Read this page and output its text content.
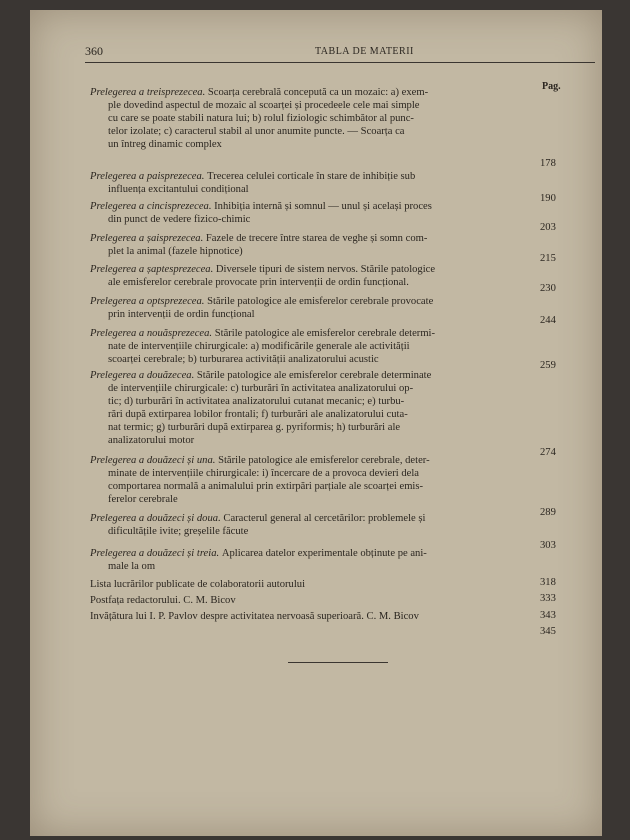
360	TABLA DE MATERII
Pag.
Prelegerea a treisprezecea. Scoarța cerebrală concepută ca un mozaic: a) exem-
ple dovedind aspectul de mozaic al scoarței și procedeele cele mai simple
cu care se poate stabili natura lui; b) rolul fiziologic schimbător al punc-
telor izolate; c) caracterul stabil al unor anumite puncte. — Scoarța ca
un întreg dinamic complex
178
Prelegerea a paisprezecea. Trecerea celulei corticale în stare de inhibiție sub
influența excitantului condițional
190
Prelegerea a cincisprezecea. Inhibiția internă și somnul — unul și același proces
din punct de vedere fizico-chimic
203
Prelegerea a șaisprezecea. Fazele de trecere între starea de veghe și somn com-
plet la animal (fazele hipnotice)
215
Prelegerea a șaptesprezecea. Diversele tipuri de sistem nervos. Stările patologice
ale emisferelor cerebrale provocate prin intervenții de ordin funcțional.
230
Prelegerea a optsprezecea. Stările patologice ale emisferelor cerebrale provocate
prin intervenții de ordin funcțional
244
Prelegerea a nouăsprezecea. Stările patologice ale emisferelor cerebrale determi-
nate de intervențiile chirurgicale: a) modificările generale ale activității
scoarței cerebrale; b) turburarea activității analizatorului acustic
259
Prelegerea a douăzecea. Stările patologice ale emisferelor cerebrale determinate
de intervențiile chirurgicale: c) turburări în activitatea analizatorului op-
tic; d) turburări în activitatea analizatorului cutanat mecanic; e) turbu-
rări după extirparea lobilor frontali; f) turburări ale analizatorului cuta-
nat termic; g) turburări după extirparea g. pyriformis; h) turburări ale
analizatorului motor
274
Prelegerea a douăzeci și una. Stările patologice ale emisferelor cerebrale, deter-
minate de intervențiile chirurgicale: i) încercare de a provoca devieri dela
comportarea normală a animalului prin extirpări parțiale ale scoarței emis-
ferelor cerebrale
289
Prelegerea a douăzeci și doua. Caracterul general al cercetărilor: problemele și
dificultățile ivite; greșelile făcute
303
Prelegerea a douăzeci și treia. Aplicarea datelor experimentale obținute pe ani-
male la om
318
Lista lucrărilor publicate de colaboratorii autorului
333
Postfața redactorului. C. M. Bicov
343
Invățătura lui I. P. Pavlov despre activitatea nervoasă superioară. C. M. Bicov
345
